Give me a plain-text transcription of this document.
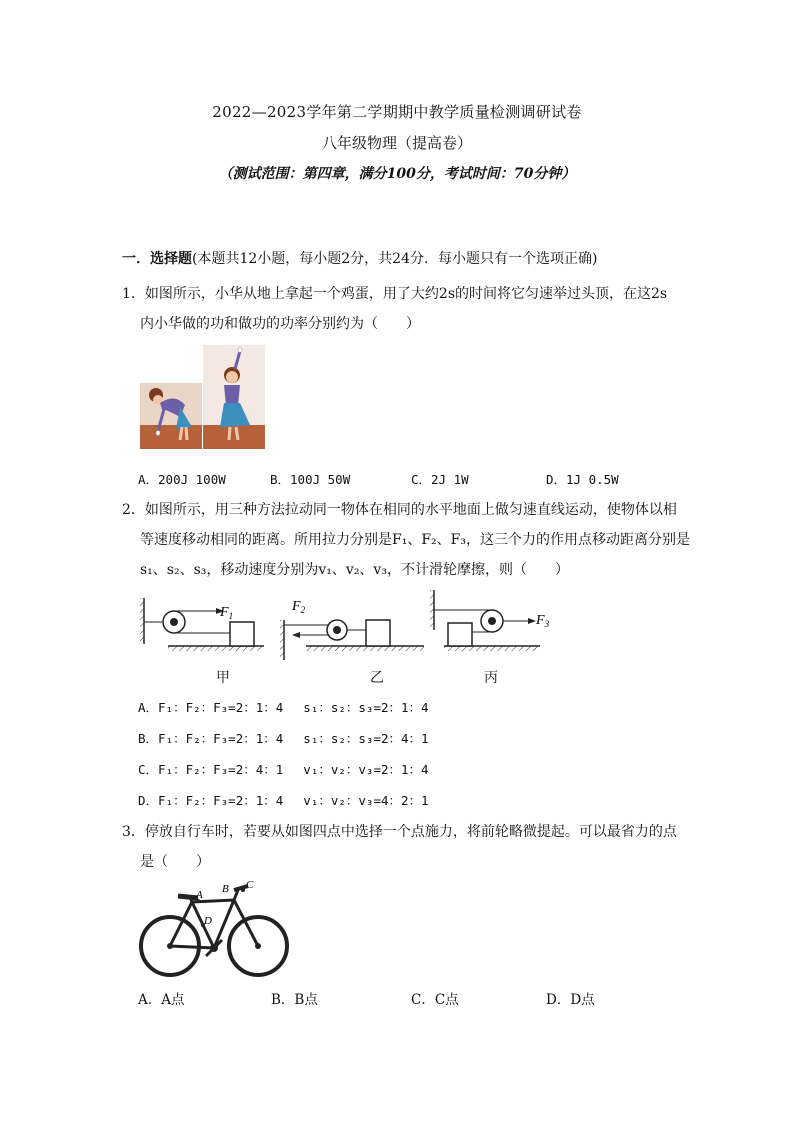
2022—2023学年第二学期期中教学质量检测调研试卷
八年级物理（提高卷）
（测试范围：第四章，满分100分，考试时间：70分钟）
一．选择题(本题共12小题，每小题2分，共24分．每小题只有一个选项正确)
1．如图所示，小华从地上拿起一个鸡蛋，用了大约2s的时间将它匀速举过头顶，在这2s
内小华做的功和做功的功率分别约为（　　）
A．200J 100W	B．100J 50W	C．2J 1W	D．1J 0.5W
2．如图所示，用三种方法拉动同一物体在相同的水平地面上做匀速直线运动，使物体以相
等速度移动相同的距离。所用拉力分别是F₁、F₂、F₃，这三个力的作用点移动距离分别是
s₁、s₂、s₃，移动速度分别为v₁、v₂、v₃，不计滑轮摩擦，则（　　）
$F_1$
$F_2$
$F_3$
甲	乙	丙
A．F₁：F₂：F₃=2：1：4　 s₁：s₂：s₃=2：1：4
B．F₁：F₂：F₃=2：1：4　 s₁：s₂：s₃=2：4：1
C．F₁：F₂：F₃=2：4：1　 v₁：v₂：v₃=2：1：4
D．F₁：F₂：F₃=2：1：4　 v₁：v₂：v₃=4：2：1
3．停放自行车时，若要从如图四点中选择一个点施力，将前轮略微提起。可以最省力的点
是（　　）
A B C
D
A．A点	B．B点	C．C点	D．D点
